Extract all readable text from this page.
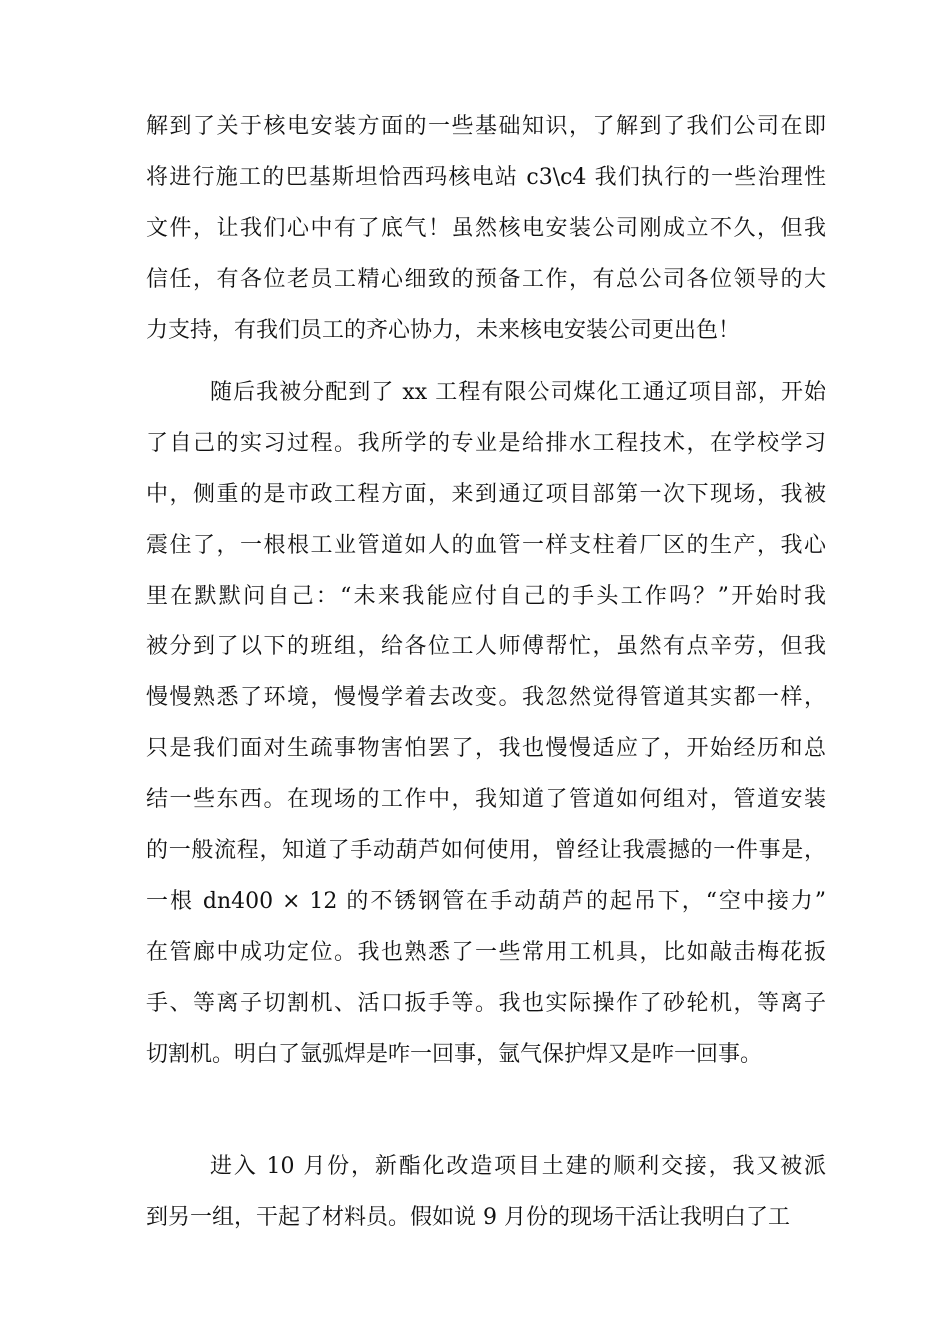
解到了关于核电安装方面的一些基础知识，了解到了我们公司在即
将进行施工的巴基斯坦恰西玛核电站 c3\c4 我们执行的一些治理性
文件，让我们心中有了底气！虽然核电安装公司刚成立不久，但我
信任，有各位老员工精心细致的预备工作，有总公司各位领导的大
力支持，有我们员工的齐心协力，未来核电安装公司更出色！
随后我被分配到了 xx 工程有限公司煤化工通辽项目部，开始
了自己的实习过程。我所学的专业是给排水工程技术，在学校学习
中，侧重的是市政工程方面，来到通辽项目部第一次下现场，我被
震住了，一根根工业管道如人的血管一样支柱着厂区的生产，我心
里在默默问自己：“未来我能应付自己的手头工作吗？”开始时我
被分到了以下的班组，给各位工人师傅帮忙，虽然有点辛劳，但我
慢慢熟悉了环境，慢慢学着去改变。我忽然觉得管道其实都一样，
只是我们面对生疏事物害怕罢了，我也慢慢适应了，开始经历和总
结一些东西。在现场的工作中，我知道了管道如何组对，管道安装
的一般流程，知道了手动葫芦如何使用，曾经让我震撼的一件事是，
一根 dn400 × 12 的不锈钢管在手动葫芦的起吊下，“空中接力”
在管廊中成功定位。我也熟悉了一些常用工机具，比如敲击梅花扳
手、等离子切割机、活口扳手等。我也实际操作了砂轮机，等离子
切割机。明白了氩弧焊是咋一回事，氩气保护焊又是咋一回事。
进入 10 月份，新酯化改造项目土建的顺利交接，我又被派
到另一组，干起了材料员。假如说 9 月份的现场干活让我明白了工
